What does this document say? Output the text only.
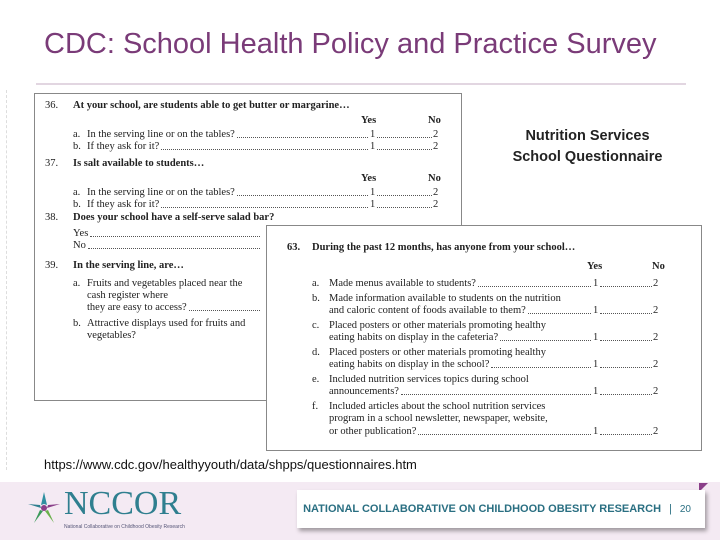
CDC: School Health Policy and Practice Survey
36. At your school, are students able to get butter or margarine…
Yes	No
a. In the serving line or on the tables?	1	2
b. If they ask for it?	1	2
37. Is salt available to students…
Yes	No
a. In the serving line or on the tables?	1	2
b. If they ask for it?	1	2
38. Does your school have a self-serve salad bar?
Yes
No
39. In the serving line, are…
a. Fruits and vegetables placed near the cash register where
they are easy to access?
b. Attractive displays used for fruits and vegetables?
Nutrition Services
School Questionnaire
63. During the past 12 months, has anyone from your school…
Yes	No
a. Made menus available to students?	1	2
b. Made information available to students on the nutrition
and caloric content of foods available to them?	1	2
c. Placed posters or other materials promoting healthy
eating habits on display in the cafeteria?	1	2
d. Placed posters or other materials promoting healthy
eating habits on display in the school?	1	2
e. Included nutrition services topics during school
announcements?	1	2
f. Included articles about the school nutrition services
program in a school newsletter, newspaper, website,
or other publication?	1	2
https://www.cdc.gov/healthyyouth/data/shpps/questionnaires.htm
NCCOR
National Collaborative on Childhood Obesity Research
NATIONAL COLLABORATIVE ON CHILDHOOD OBESITY RESEARCH | 20
